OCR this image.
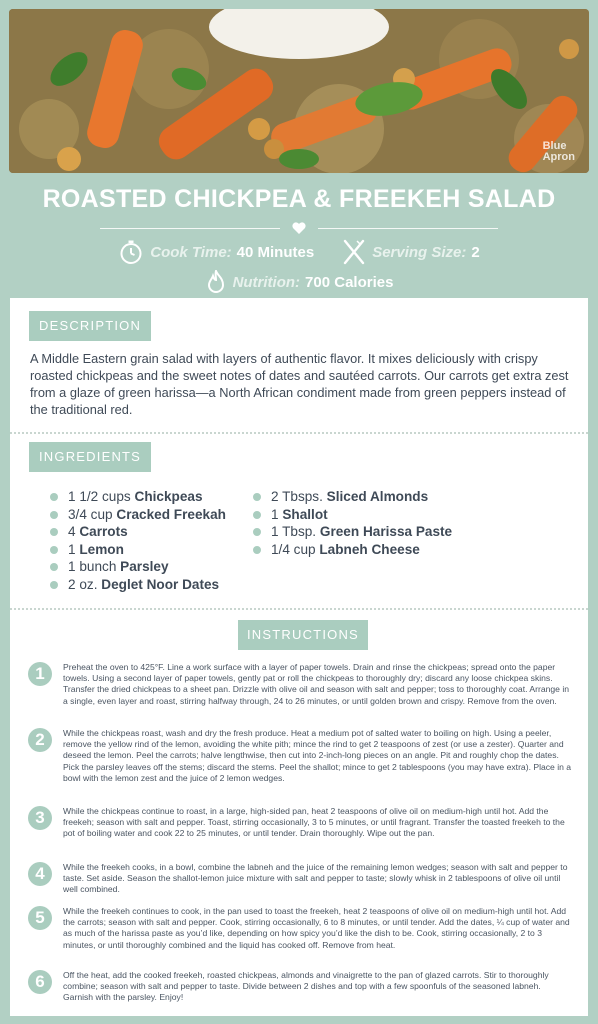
Blue
Apron
ROASTED CHICKPEA & FREEKEH SALAD
Cook Time: 40 Minutes	Serving Size: 2
Nutrition: 700 Calories
DESCRIPTION
A Middle Eastern grain salad with layers of authentic flavor. It mixes deliciously with crispy roasted chickpeas and the sweet notes of dates and sautéed carrots. Our carrots get extra zest from a glaze of green harissa—a North African condiment made from green peppers instead of the traditional red.
INGREDIENTS
1 1/2 cups Chickpeas
3/4 cup Cracked Freekah
4 Carrots
1 Lemon
1 bunch Parsley
2 oz. Deglet Noor Dates
2 Tbsps. Sliced Almonds
1 Shallot
1 Tbsp. Green Harissa Paste
1/4 cup Labneh Cheese
INSTRUCTIONS
1	Preheat the oven to 425°F. Line a work surface with a layer of paper towels. Drain and rinse the chickpeas; spread onto the paper towels. Using a second layer of paper towels, gently pat or roll the chickpeas to thoroughly dry; discard any loose chickpea skins. Transfer the dried chickpeas to a sheet pan. Drizzle with olive oil and season with salt and pepper; toss to thoroughly coat. Arrange in a single, even layer and roast, stirring halfway through, 24 to 26 minutes, or until golden brown and crispy. Remove from the oven.
2	While the chickpeas roast, wash and dry the fresh produce. Heat a medium pot of salted water to boiling on high. Using a peeler, remove the yellow rind of the lemon, avoiding the white pith; mince the rind to get 2 teaspoons of zest (or use a zester). Quarter and deseed the lemon. Peel the carrots; halve lengthwise, then cut into 2-inch-long pieces on an angle. Pit and roughly chop the dates. Pick the parsley leaves off the stems; discard the stems. Peel the shallot; mince to get 2 tablespoons (you may have extra). Place in a bowl with the lemon zest and the juice of 2 lemon wedges.
3	While the chickpeas continue to roast, in a large, high-sided pan, heat 2 teaspoons of olive oil on medium-high until hot. Add the freekeh; season with salt and pepper. Toast, stirring occasionally, 3 to 5 minutes, or until fragrant. Transfer the toasted freekeh to the pot of boiling water and cook 22 to 25 minutes, or until tender. Drain thoroughly. Wipe out the pan.
4	While the freekeh cooks, in a bowl, combine the labneh and the juice of the remaining lemon wedges; season with salt and pepper to taste. Set aside. Season the shallot-lemon juice mixture with salt and pepper to taste; slowly whisk in 2 tablespoons of olive oil until well combined.
5	While the freekeh continues to cook, in the pan used to toast the freekeh, heat 2 teaspoons of olive oil on medium-high until hot. Add the carrots; season with salt and pepper. Cook, stirring occasionally, 6 to 8 minutes, or until tender. Add the dates, ¼ cup of water and as much of the harissa paste as you’d like, depending on how spicy you’d like the dish to be. Cook, stirring occasionally, 2 to 3 minutes, or until thoroughly combined and the liquid has cooked off. Remove from heat.
6	Off the heat, add the cooked freekeh, roasted chickpeas, almonds and vinaigrette to the pan of glazed carrots. Stir to thoroughly combine; season with salt and pepper to taste. Divide between 2 dishes and top with a few spoonfuls of the seasoned labneh. Garnish with the parsley. Enjoy!
